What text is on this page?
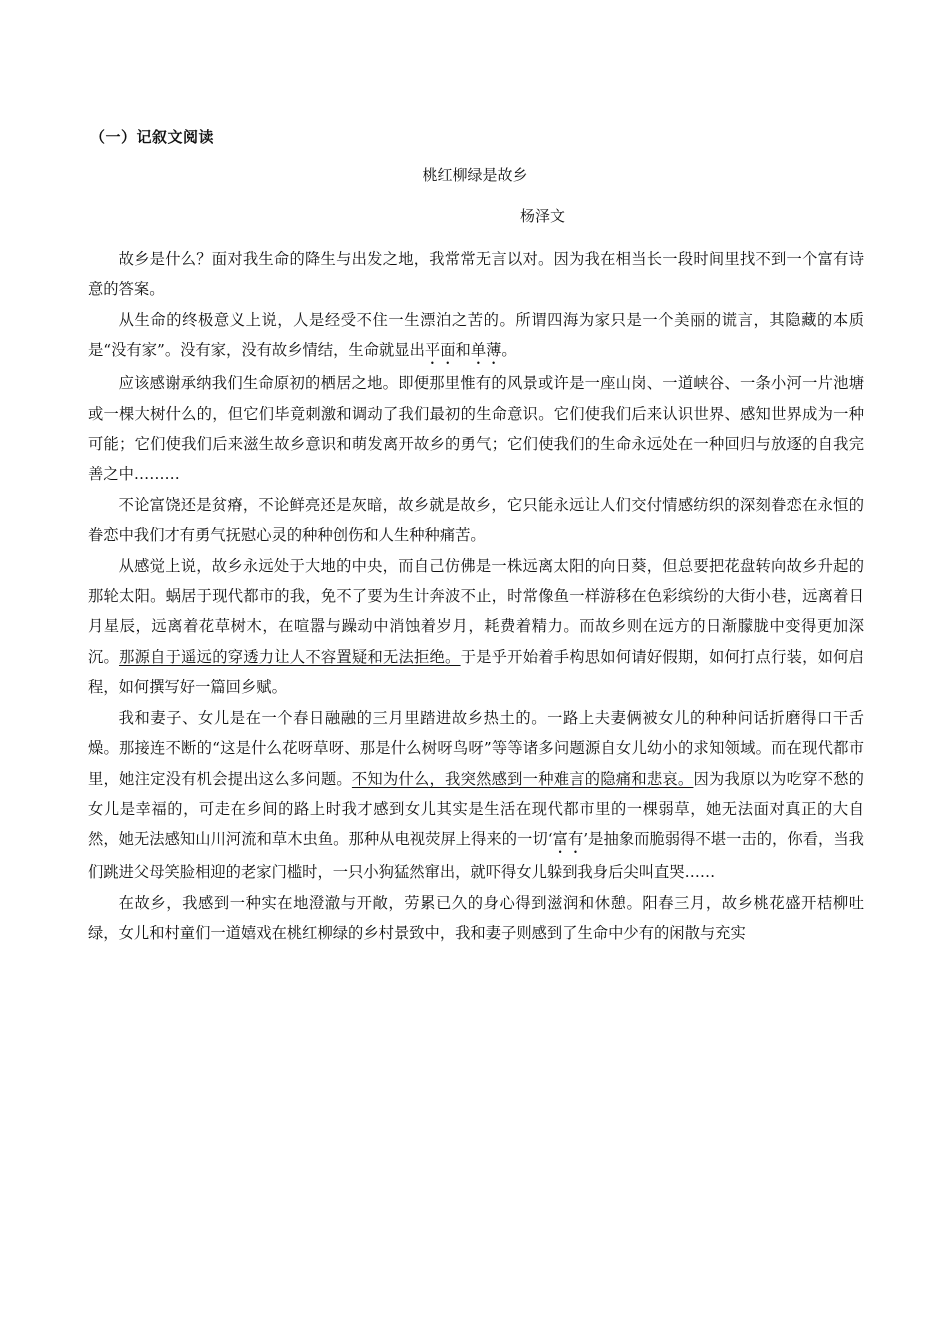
（一）记叙文阅读
桃红柳绿是故乡
杨泽文

故乡是什么？面对我生命的降生与出发之地，我常常无言以对。因为我在相当长一段时间里找不到一个富有诗意的答案。

从生命的终极意义上说，人是经受不住一生漂泊之苦的。所谓四海为家只是一个美丽的谎言，其隐藏的本质是“没有家”。没有家，没有故乡情结，生命就显出平面和单薄。

应该感谢承纳我们生命原初的栖居之地。即便那里惟有的风景或许是一座山岗、一道峡谷、一条小河一片池塘或一棵大树什么的，但它们毕竟刺激和调动了我们最初的生命意识。它们使我们后来认识世界、感知世界成为一种可能；它们使我们后来滋生故乡意识和萌发离开故乡的勇气；它们使我们的生命永远处在一种回归与放逐的自我完善之中………

不论富饶还是贫瘠，不论鲜亮还是灰暗，故乡就是故乡，它只能永远让人们交付情感纺织的深刻眷恋在永恒的眷恋中我们才有勇气抚慰心灵的种种创伤和人生种种痛苦。

从感觉上说，故乡永远处于大地的中央，而自己仿佛是一株远离太阳的向日葵，但总要把花盘转向故乡升起的那轮太阳。蜗居于现代都市的我，免不了要为生计奔波不止，时常像鱼一样游移在色彩缤纷的大街小巷，远离着日月星辰，远离着花草树木，在喧嚣与躁动中消蚀着岁月，耗费着精力。而故乡则在远方的日渐朦胧中变得更加深沉。那源自于遥远的穿透力让人不容置疑和无法拒绝。于是乎开始着手构思如何请好假期，如何打点行装，如何启程，如何撰写好一篇回乡赋。

我和妻子、女儿是在一个春日融融的三月里踏进故乡热土的。一路上夫妻俩被女儿的种种问话折磨得口干舌燥。那接连不断的“这是什么花呀草呀、那是什么树呀鸟呀”等等诸多问题源自女儿幼小的求知领域。而在现代都市里，她注定没有机会提出这么多问题。不知为什么，我突然感到一种难言的隐痛和悲哀。因为我原以为吃穿不愁的女儿是幸福的，可走在乡间的路上时我才感到女儿其实是生活在现代都市里的一棵弱草，她无法面对真正的大自然，她无法感知山川河流和草木虫鱼。那种从电视荧屏上得来的一切‘富有’是抽象而脆弱得不堪一击的，你看，当我们跳进父母笑脸相迎的老家门槛时，一只小狗猛然窜出，就吓得女儿躲到我身后尖叫直哭……

在故乡，我感到一种实在地澄澈与开敞，劳累已久的身心得到滋润和休憩。阳春三月，故乡桃花盛开桔柳吐绿，女儿和村童们一道嬉戏在桃红柳绿的乡村景致中，我和妻子则感到了生命中少有的闲散与充实
